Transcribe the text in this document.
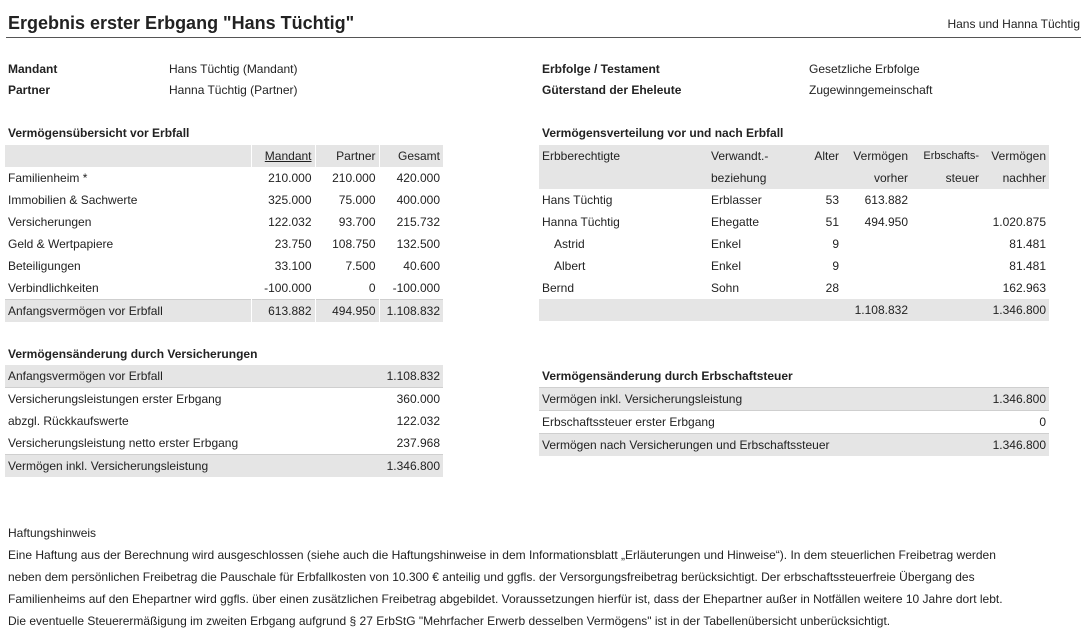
Ergebnis erster Erbgang "Hans Tüchtig"	Hans und Hanna Tüchtig
Mandant	Hans Tüchtig (Mandant)
Partner	Hanna Tüchtig (Partner)
Erbfolge / Testament	Gesetzliche Erbfolge
Güterstand der Eheleute	Zugewinngemeinschaft
Vermögensübersicht vor Erbfall
	Mandant	Partner	Gesamt
Familienheim *	210.000	210.000	420.000
Immobilien & Sachwerte	325.000	75.000	400.000
Versicherungen	122.032	93.700	215.732
Geld & Wertpapiere	23.750	108.750	132.500
Beteiligungen	33.100	7.500	40.600
Verbindlichkeiten	-100.000	0	-100.000
Anfangsvermögen vor Erbfall	613.882	494.950	1.108.832
Vermögensverteilung vor und nach Erbfall
Erbberechtigte	Verwandt.-	Alter	Vermögen	Erbschafts-	Vermögen
	beziehung		vorher	steuer	nachher
Hans Tüchtig	Erblasser	53	613.882		
Hanna Tüchtig	Ehegatte	51	494.950		1.020.875
Astrid	Enkel	9			81.481
Albert	Enkel	9			81.481
Bernd	Sohn	28			162.963
			1.108.832		1.346.800
Vermögensänderung durch Versicherungen
Anfangsvermögen vor Erbfall	1.108.832
Versicherungsleistungen erster Erbgang	360.000
abzgl. Rückkaufswerte	122.032
Versicherungsleistung netto erster Erbgang	237.968
Vermögen inkl. Versicherungsleistung	1.346.800
Vermögensänderung durch Erbschaftsteuer
Vermögen inkl. Versicherungsleistung	1.346.800
Erbschaftssteuer erster Erbgang	0
Vermögen nach Versicherungen und Erbschaftssteuer	1.346.800
Haftungshinweis
Eine Haftung aus der Berechnung wird ausgeschlossen (siehe auch die Haftungshinweise in dem Informationsblatt „Erläuterungen und Hinweise“). In dem steuerlichen Freibetrag werden neben dem persönlichen Freibetrag die Pauschale für Erbfallkosten von 10.300 € anteilig und ggfls. der Versorgungsfreibetrag berücksichtigt. Der erbschaftssteuerfreie Übergang des Familienheims auf den Ehepartner wird ggfls. über einen zusätzlichen Freibetrag abgebildet. Voraussetzungen hierfür ist, dass der Ehepartner außer in Notfällen weitere 10 Jahre dort lebt. Die eventuelle Steuerermäßigung im zweiten Erbgang aufgrund § 27 ErbStG "Mehrfacher Erwerb desselben Vermögens" ist in der Tabellenübersicht unberücksichtigt.
